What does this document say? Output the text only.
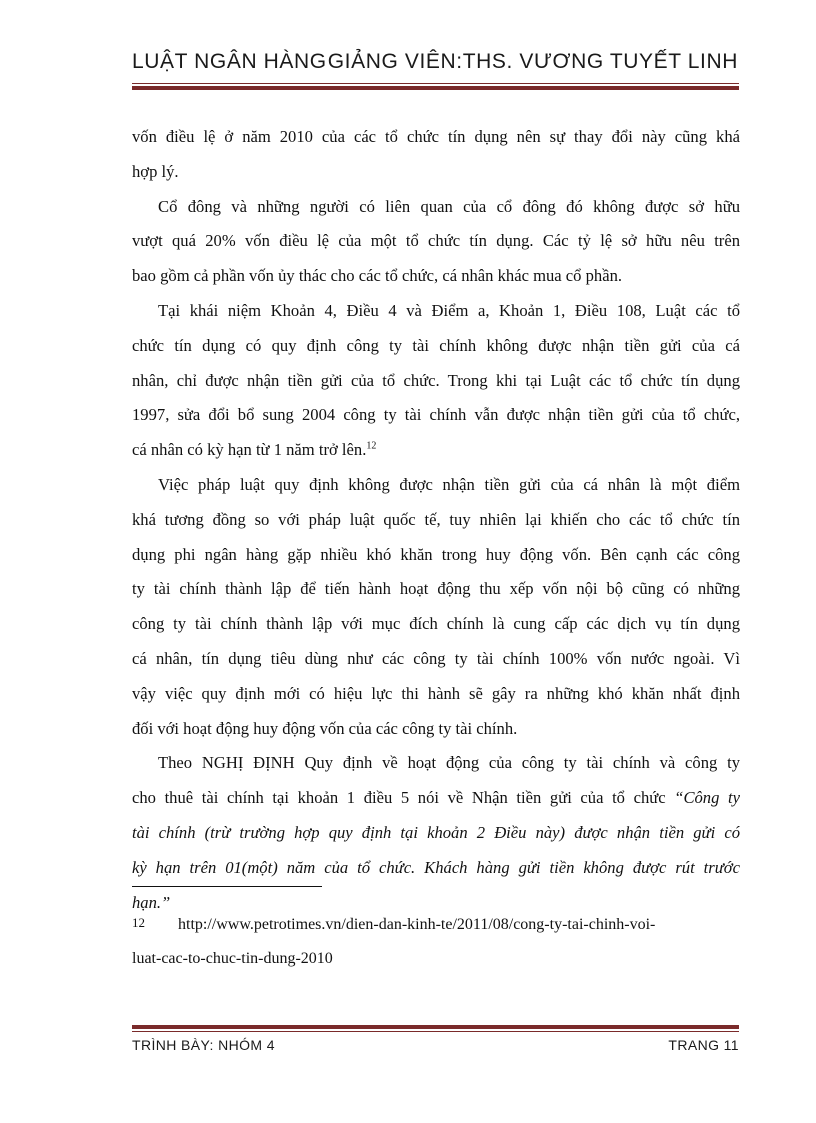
LUẬT NGÂN HÀNG GIẢNG VIÊN:THS. VƯƠNG TUYẾT LINH

vốn điều lệ ở năm 2010 của các tổ chức tín dụng nên sự thay đổi này cũng khá
hợp lý.

Cổ đông và những người có liên quan của cổ đông đó không được sở hữu
vượt quá 20% vốn điều lệ của một tổ chức tín dụng. Các tỷ lệ sở hữu nêu trên
bao gồm cả phần vốn ủy thác cho các tổ chức, cá nhân khác mua cổ phần.

Tại khái niệm Khoản 4, Điều 4 và Điểm a, Khoản 1, Điều 108, Luật các tổ
chức tín dụng có quy định công ty tài chính không được nhận tiền gửi của cá
nhân, chỉ được nhận tiền gửi của tổ chức. Trong khi tại Luật các tổ chức tín dụng
1997, sửa đổi bổ sung 2004 công ty tài chính vẫn được nhận tiền gửi của tổ chức,
cá nhân có kỳ hạn từ 1 năm trở lên.$^{12}$

Việc pháp luật quy định không được nhận tiền gửi của cá nhân là một điểm
khá tương đồng so với pháp luật quốc tế, tuy nhiên lại khiến cho các tổ chức tín
dụng phi ngân hàng gặp nhiều khó khăn trong huy động vốn. Bên cạnh các công
ty tài chính thành lập để tiến hành hoạt động thu xếp vốn nội bộ cũng có những
công ty tài chính thành lập với mục đích chính là cung cấp các dịch vụ tín dụng
cá nhân, tín dụng tiêu dùng như các công ty tài chính 100% vốn nước ngoài. Vì
vậy việc quy định mới có hiệu lực thi hành sẽ gây ra những khó khăn nhất định
đối với hoạt động huy động vốn của các công ty tài chính.

Theo NGHỊ ĐỊNH Quy định về hoạt động của công ty tài chính và công ty
cho thuê tài chính tại khoản 1 điều 5 nói về Nhận tiền gửi của tổ chức “Công ty
tài chính (trừ trường hợp quy định tại khoản 2 Điều này) được nhận tiền gửi có
kỳ hạn trên 01(một) năm của tổ chức. Khách hàng gửi tiền không được rút trước
hạn.”

12 http://www.petrotimes.vn/dien-dan-kinh-te/2011/08/cong-ty-tai-chinh-voi-
luat-cac-to-chuc-tin-dung-2010
TRÌNH BÀY: NHÓM 4	TRANG 11
